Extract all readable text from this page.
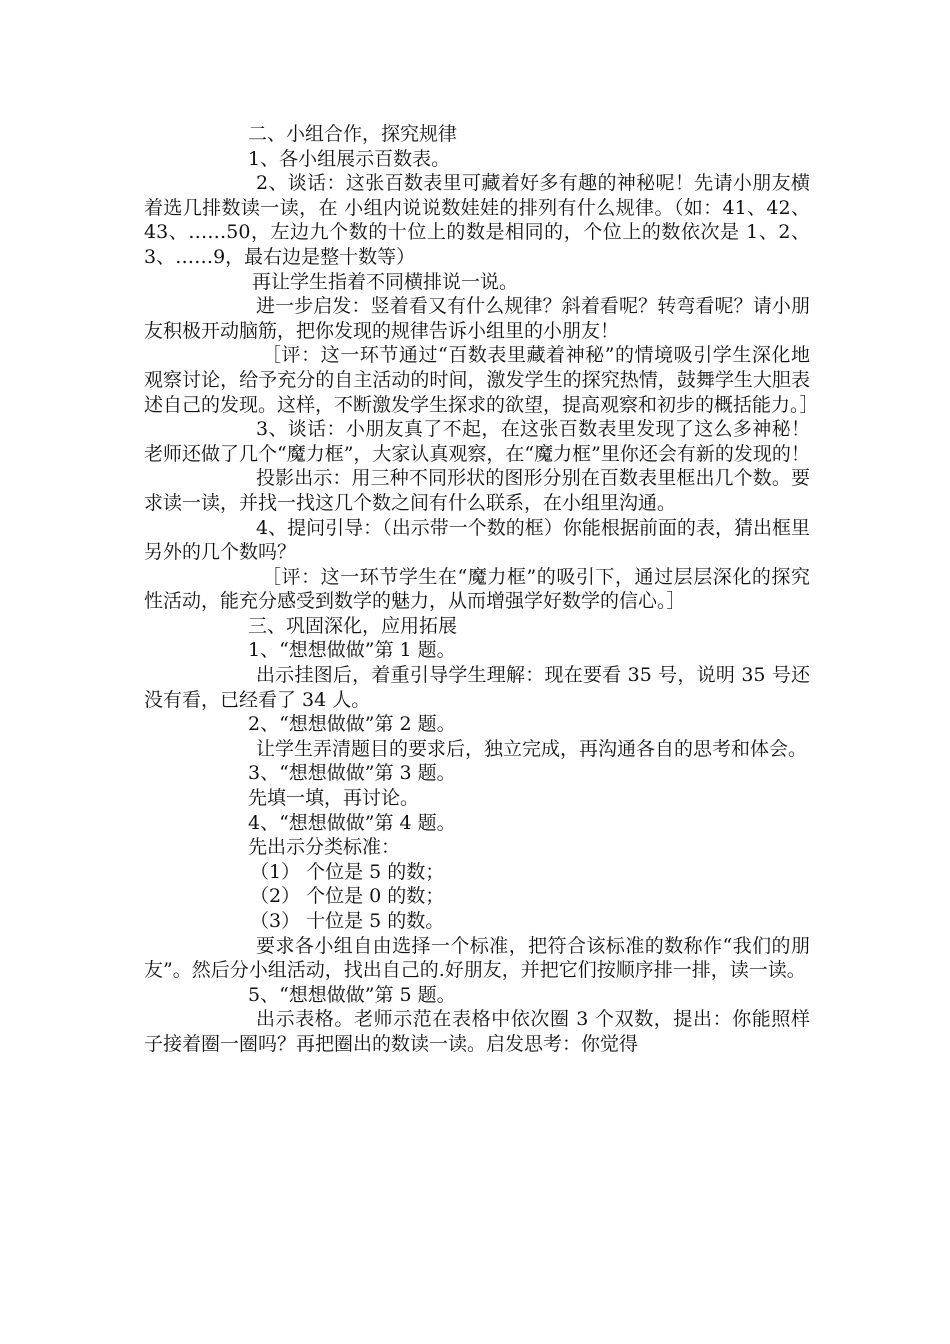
二、小组合作，探究规律

1、各小组展示百数表。

2、谈话：这张百数表里可藏着好多有趣的神秘呢！先请小朋友横着选几排数读一读，在 小组内说说数娃娃的排列有什么规律。（如：41、42、43、……50，左边九个数的十位上的数是相同的，个位上的数依次是 1、2、3、……9，最右边是整十数等）

再让学生指着不同横排说一说。

进一步启发：竖着看又有什么规律？斜着看呢？转弯看呢？请小朋友积极开动脑筋，把你发现的规律告诉小组里的小朋友！

［评：这一环节通过“百数表里藏着神秘”的情境吸引学生深化地观察讨论，给予充分的自主活动的时间，激发学生的探究热情，鼓舞学生大胆表述自己的发现。这样，不断激发学生探求的欲望，提高观察和初步的概括能力。］

3、谈话：小朋友真了不起，在这张百数表里发现了这么多神秘！老师还做了几个“魔力框”，大家认真观察，在“魔力框”里你还会有新的发现的！

投影出示：用三种不同形状的图形分别在百数表里框出几个数。要求读一读，并找一找这几个数之间有什么联系，在小组里沟通。

4、提问引导：（出示带一个数的框）你能根据前面的表，猜出框里另外的几个数吗？

［评：这一环节学生在“魔力框”的吸引下，通过层层深化的探究性活动，能充分感受到数学的魅力，从而增强学好数学的信心。］

三、巩固深化，应用拓展

1、“想想做做”第 1 题。

出示挂图后，着重引导学生理解：现在要看 35 号，说明 35 号还没有看，已经看了 34 人。

2、“想想做做”第 2 题。

让学生弄清题目的要求后，独立完成，再沟通各自的思考和体会。

3、“想想做做”第 3 题。

先填一填，再讨论。

4、“想想做做”第 4 题。

先出示分类标准：

（1） 个位是 5 的数；

（2） 个位是 0 的数；

（3） 十位是 5 的数。

要求各小组自由选择一个标准，把符合该标准的数称作“我们的朋友”。然后分小组活动，找出自己的.好朋友，并把它们按顺序排一排，读一读。

5、“想想做做”第 5 题。

出示表格。老师示范在表格中依次圈 3 个双数，提出：你能照样子接着圈一圈吗？再把圈出的数读一读。启发思考：你觉得
